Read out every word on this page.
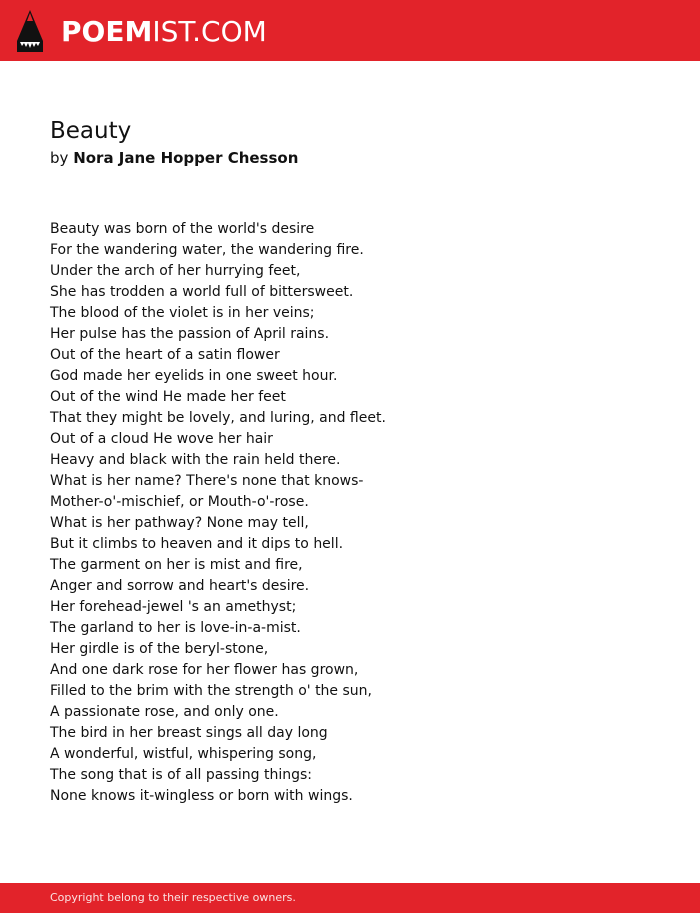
POEMIST.COM
Beauty
by Nora Jane Hopper Chesson
Beauty was born of the world's desire
For the wandering water, the wandering fire.
Under the arch of her hurrying feet,
She has trodden a world full of bittersweet.
The blood of the violet is in her veins;
Her pulse has the passion of April rains.
Out of the heart of a satin flower
God made her eyelids in one sweet hour.
Out of the wind He made her feet
That they might be lovely, and luring, and fleet.
Out of a cloud He wove her hair
Heavy and black with the rain held there.
What is her name? There's none that knows-
Mother-o'-mischief, or Mouth-o'-rose.
What is her pathway? None may tell,
But it climbs to heaven and it dips to hell.
The garment on her is mist and fire,
Anger and sorrow and heart's desire.
Her forehead-jewel 's an amethyst;
The garland to her is love-in-a-mist.
Her girdle is of the beryl-stone,
And one dark rose for her flower has grown,
Filled to the brim with the strength o' the sun,
A passionate rose, and only one.
The bird in her breast sings all day long
A wonderful, wistful, whispering song,
The song that is of all passing things:
None knows it-wingless or born with wings.
Copyright belong to their respective owners.
